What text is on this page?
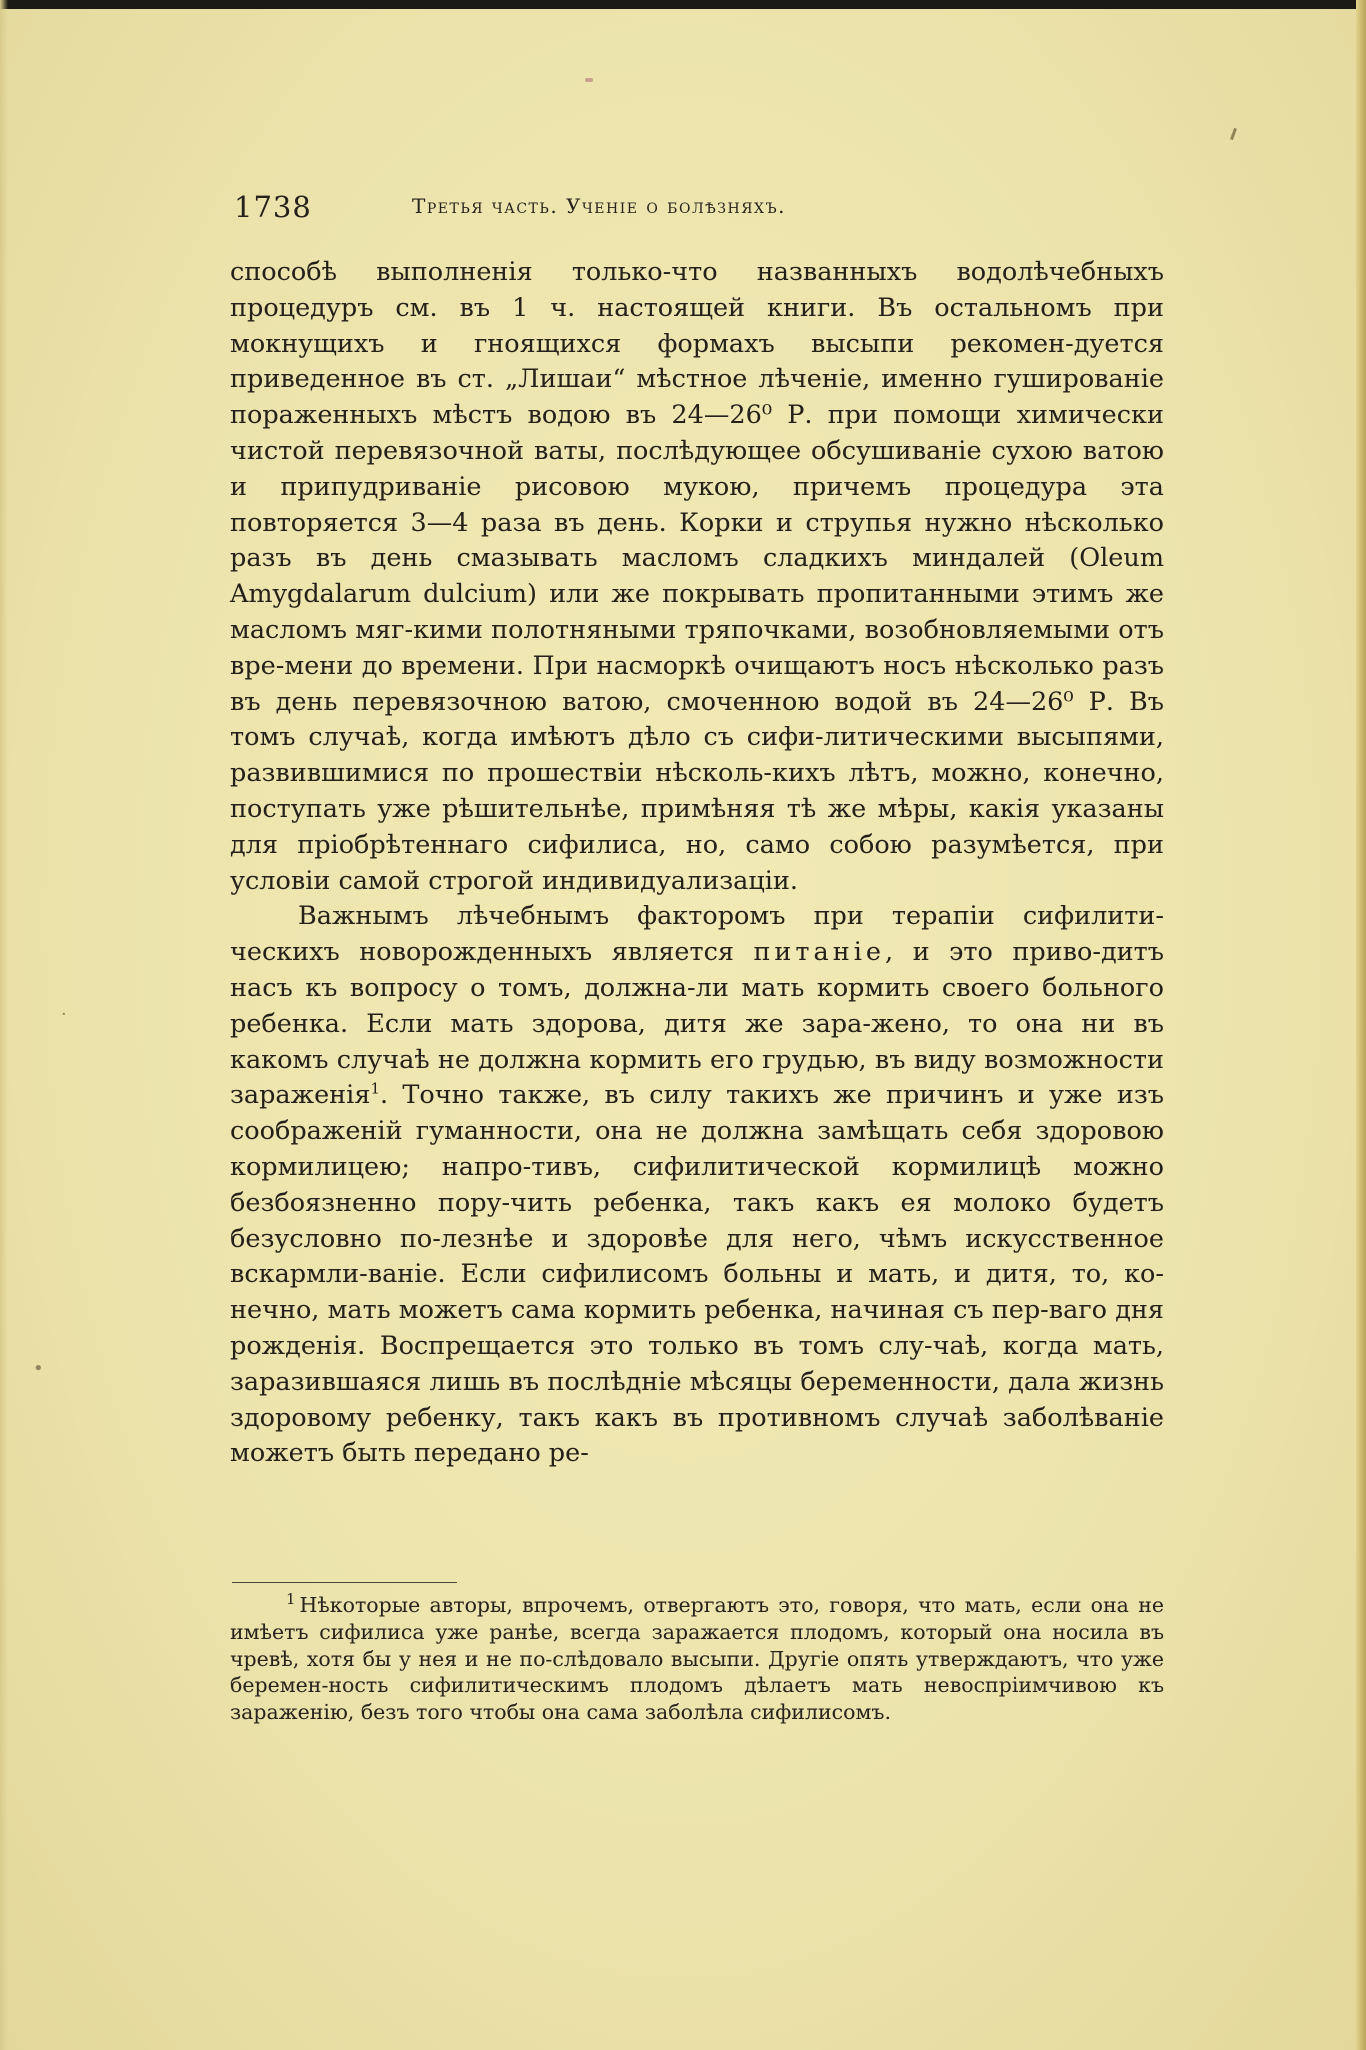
·
•
1738	Третья часть. Ученіе о болѣзняхъ.

способѣ выполненія только-что названныхъ водолѣчебныхъ процедуръ см. въ 1 ч. настоящей книги. Въ остальномъ при мокнущихъ и гноящихся формахъ высыпи рекомен-дуется приведенное въ ст. „Лишаи“ мѣстное лѣченіе, именно гушированіе пораженныхъ мѣстъ водою въ 24—26⁰ Р. при помощи химически чистой перевязочной ваты, послѣдующее обсушиваніе сухою ватою и припудриваніе рисовою мукою, причемъ процедура эта повторяется 3—4 раза въ день. Корки и струпья нужно нѣсколько разъ въ день смазывать масломъ сладкихъ миндалей (Oleum Amygdalarum dulcium) или же покрывать пропитанными этимъ же масломъ мяг-кими полотняными тряпочками, возобновляемыми отъ вре-мени до времени. При насморкѣ очищаютъ носъ нѣсколько разъ въ день перевязочною ватою, смоченною водой въ 24—26⁰ Р. Въ томъ случаѣ, когда имѣютъ дѣло съ сифи-литическими высыпями, развившимися по прошествіи нѣсколь-кихъ лѣтъ, можно, конечно, поступать уже рѣшительнѣе, примѣняя тѣ же мѣры, какія указаны для пріобрѣтеннаго сифилиса, но, само собою разумѣется, при условіи самой строгой индивидуализаціи.

Важнымъ лѣчебнымъ факторомъ при терапіи сифилити-ческихъ новорожденныхъ является питаніе, и это приво-дитъ насъ къ вопросу о томъ, должна-ли мать кормить своего больного ребенка. Если мать здорова, дитя же зара-жено, то она ни въ какомъ случаѣ не должна кормить его грудью, въ виду возможности зараженія$^1$. Точно также, въ силу такихъ же причинъ и уже изъ соображеній гуманности, она не должна замѣщать себя здоровою кормилицею; напро-тивъ, сифилитической кормилицѣ можно безбоязненно пору-чить ребенка, такъ какъ ея молоко будетъ безусловно по-лезнѣе и здоровѣе для него, чѣмъ искусственное вскармли-ваніе. Если сифилисомъ больны и мать, и дитя, то, ко-нечно, мать можетъ сама кормить ребенка, начиная съ пер-ваго дня рожденія. Воспрещается это только въ томъ слу-чаѣ, когда мать, заразившаяся лишь въ послѣдніе мѣсяцы беременности, дала жизнь здоровому ребенку, такъ какъ въ противномъ случаѣ заболѣваніе можетъ быть передано ре-

$^1$ Нѣкоторые авторы, впрочемъ, отвергаютъ это, говоря, что мать, если она не имѣетъ сифилиса уже ранѣе, всегда заражается плодомъ, который она носила въ чревѣ, хотя бы у нея и не по-слѣдовало высыпи. Другіе опять утверждаютъ, что уже беремен-ность сифилитическимъ плодомъ дѣлаетъ мать невоспріимчивою къ зараженію, безъ того чтобы она сама заболѣла сифилисомъ.
